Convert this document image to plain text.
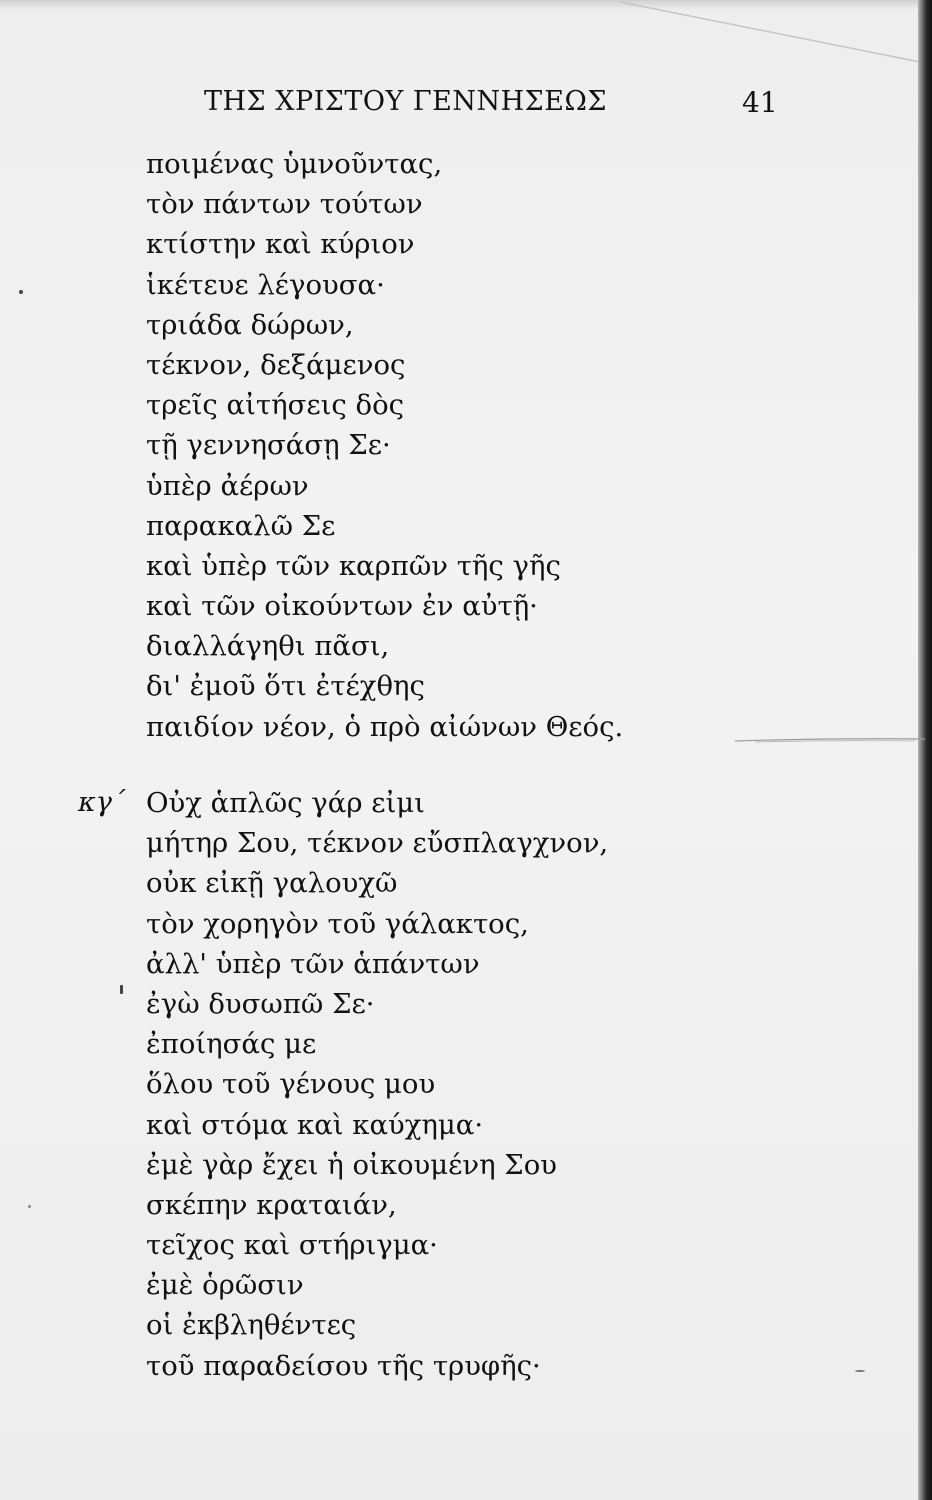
ΤΗΣ ΧΡΙΣΤΟΥ ΓΕΝΝΗΣΕΩΣ	41
ποιμένας ὑμνοῦντας,
τὸν πάντων τούτων
κτίστην καὶ κύριον
ἱκέτευε λέγουσα·
τριάδα δώρων,
τέκνον, δεξάμενος
τρεῖς αἰτήσεις δὸς
τῇ γεννησάσῃ Σε·
ὑπὲρ ἀέρων
παρακαλῶ Σε
καὶ ὑπὲρ τῶν καρπῶν τῆς γῆς
καὶ τῶν οἰκούντων ἐν αὐτῇ·
διαλλάγηθι πᾶσι,
δι' ἐμοῦ ὅτι ἐτέχθης
παιδίον νέον, ὁ πρὸ αἰώνων Θεός.
κγ΄ Οὐχ ἁπλῶς γάρ εἰμι
μήτηρ Σου, τέκνον εὔσπλαγχνον,
οὐκ εἰκῇ γαλουχῶ
τὸν χορηγὸν τοῦ γάλακτος,
ἀλλ' ὑπὲρ τῶν ἁπάντων
ἐγὼ δυσωπῶ Σε·
ἐποίησάς με
ὅλου τοῦ γένους μου
καὶ στόμα καὶ καύχημα·
ἐμὲ γὰρ ἔχει ἡ οἰκουμένη Σου
σκέπην κραταιάν,
τεῖχος καὶ στήριγμα·
ἐμὲ ὁρῶσιν
οἱ ἐκβληθέντες
τοῦ παραδείσου τῆς τρυφῆς·
